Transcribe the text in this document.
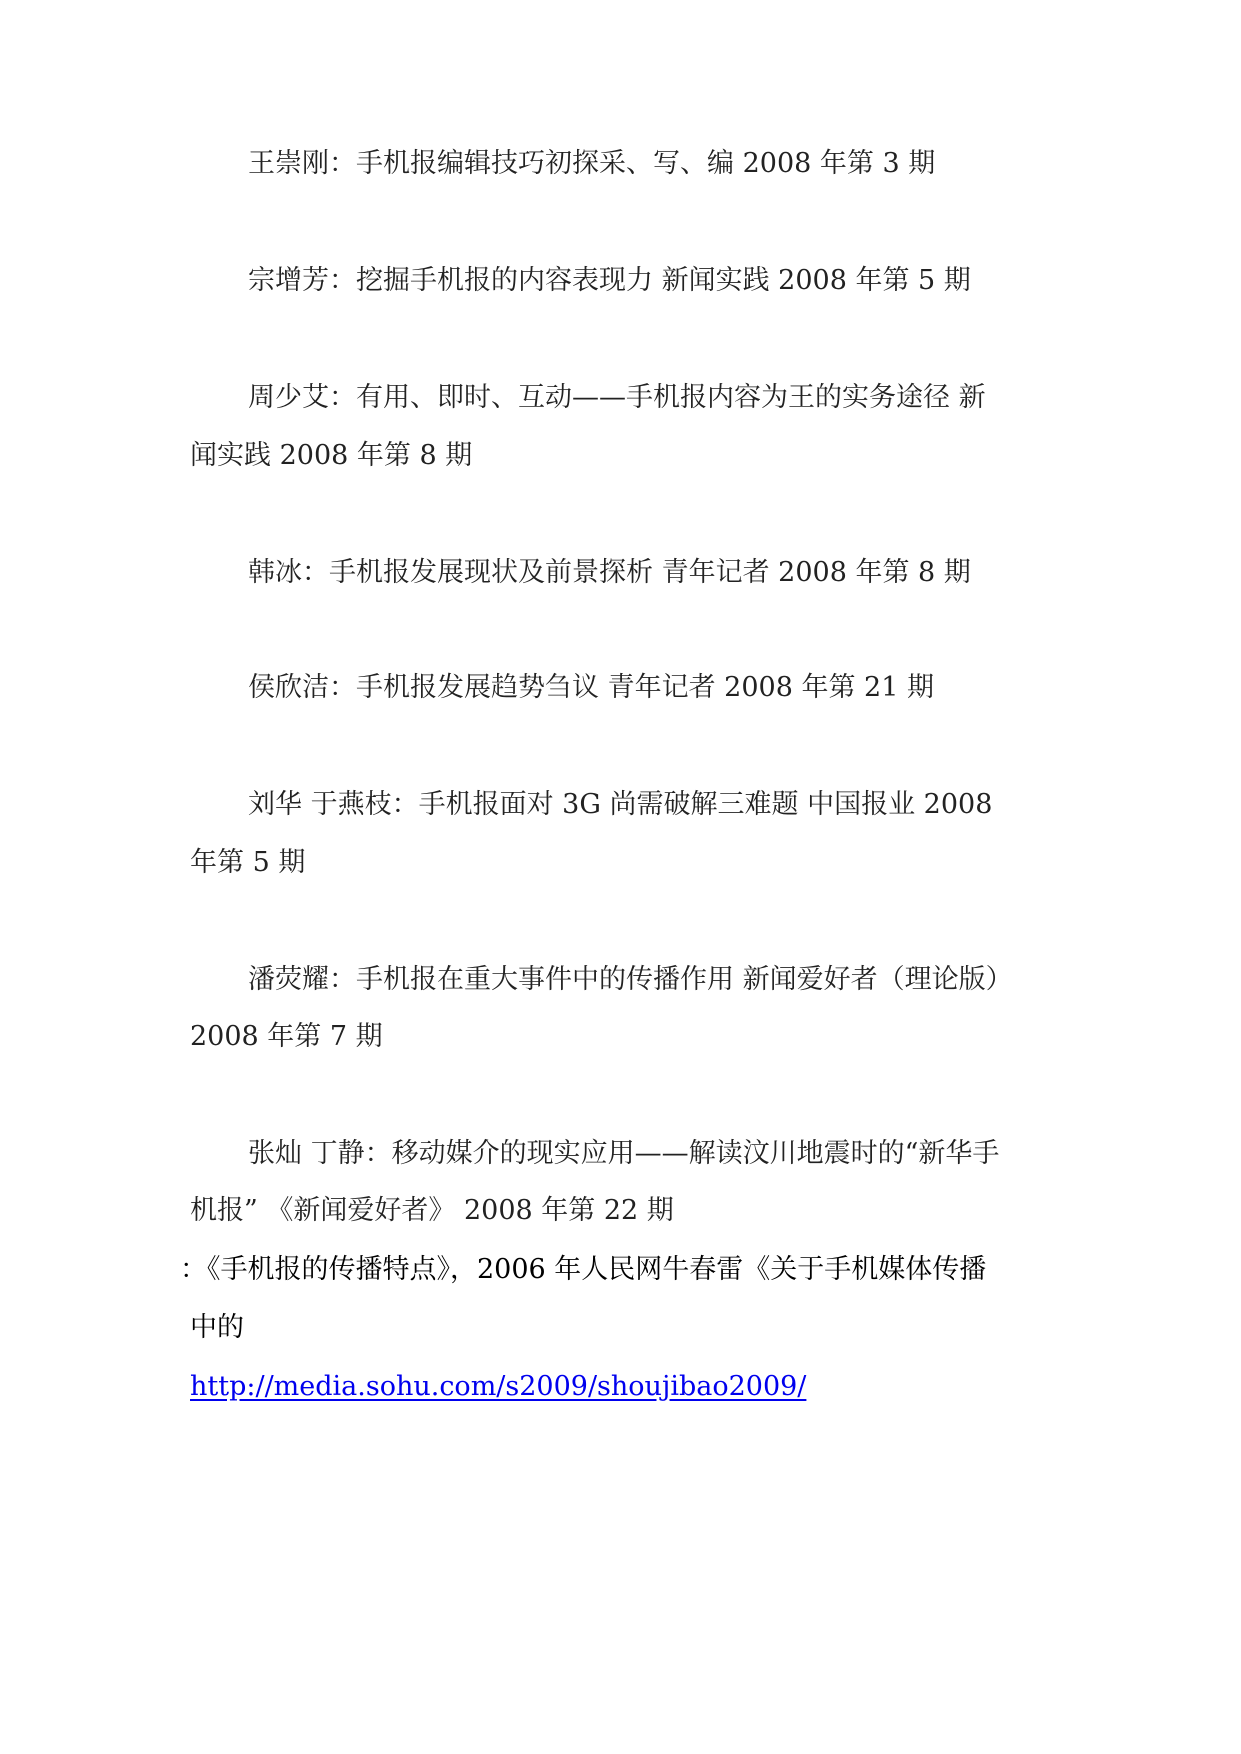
王崇刚：手机报编辑技巧初探采、写、编 2008 年第 3 期
宗增芳：挖掘手机报的内容表现力 新闻实践 2008 年第 5 期
周少艾：有用、即时、互动——手机报内容为王的实务途径 新
闻实践 2008 年第 8 期
韩冰：手机报发展现状及前景探析 青年记者 2008 年第 8 期
侯欣洁：手机报发展趋势刍议 青年记者 2008 年第 21 期
刘华 于燕枝：手机报面对 3G 尚需破解三难题 中国报业 2008
年第 5 期
潘荧耀：手机报在重大事件中的传播作用 新闻爱好者（理论版）
2008 年第 7 期
张灿 丁静：移动媒介的现实应用——解读汶川地震时的“新华手
机报” 《新闻爱好者》 2008 年第 22 期
：《手机报的传播特点》，2006 年人民网牛春雷《关于手机媒体传播
中的
http://media.sohu.com/s2009/shoujibao2009/
